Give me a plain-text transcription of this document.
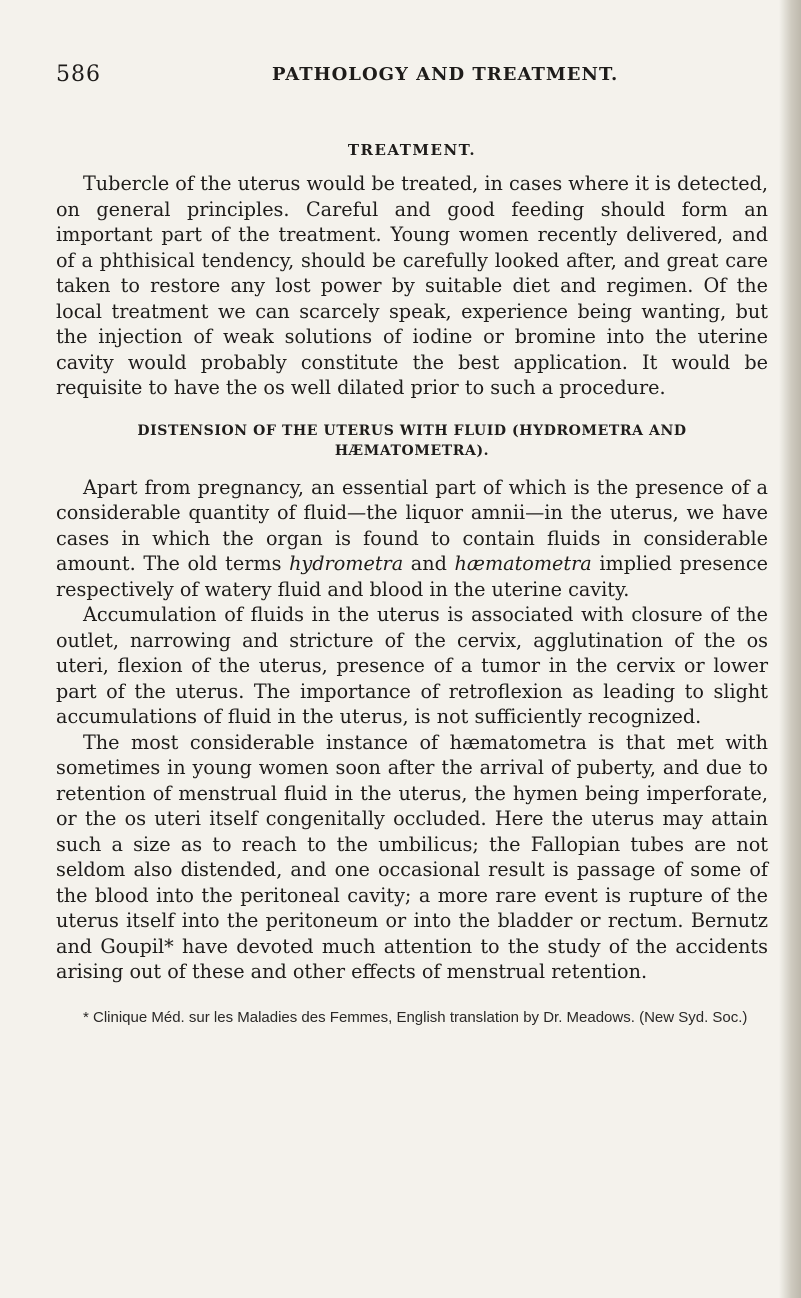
586	PATHOLOGY AND TREATMENT.
TREATMENT.

Tubercle of the uterus would be treated, in cases where it is detected, on general principles. Careful and good feeding should form an important part of the treatment. Young women recently delivered, and of a phthisical tendency, should be carefully looked after, and great care taken to restore any lost power by suitable diet and regimen. Of the local treatment we can scarcely speak, experience being wanting, but the injection of weak solutions of iodine or bromine into the uterine cavity would probably constitute the best application. It would be requisite to have the os well dilated prior to such a procedure.

DISTENSION OF THE UTERUS WITH FLUID (HYDROMETRA AND
HÆMATOMETRA).

Apart from pregnancy, an essential part of which is the presence of a considerable quantity of fluid—the liquor amnii—in the uterus, we have cases in which the organ is found to contain fluids in considerable amount. The old terms hydrometra and hæmatometra implied presence respectively of watery fluid and blood in the uterine cavity.

Accumulation of fluids in the uterus is associated with closure of the outlet, narrowing and stricture of the cervix, agglutination of the os uteri, flexion of the uterus, presence of a tumor in the cervix or lower part of the uterus. The importance of retroflexion as leading to slight accumulations of fluid in the uterus, is not sufficiently recognized.

The most considerable instance of hæmatometra is that met with sometimes in young women soon after the arrival of puberty, and due to retention of menstrual fluid in the uterus, the hymen being imperforate, or the os uteri itself congenitally occluded. Here the uterus may attain such a size as to reach to the umbilicus; the Fallopian tubes are not seldom also distended, and one occasional result is passage of some of the blood into the peritoneal cavity; a more rare event is rupture of the uterus itself into the peritoneum or into the bladder or rectum. Bernutz and Goupil* have devoted much attention to the study of the accidents arising out of these and other effects of menstrual retention.

* Clinique Méd. sur les Maladies des Femmes, English translation by Dr. Meadows. (New Syd. Soc.)
